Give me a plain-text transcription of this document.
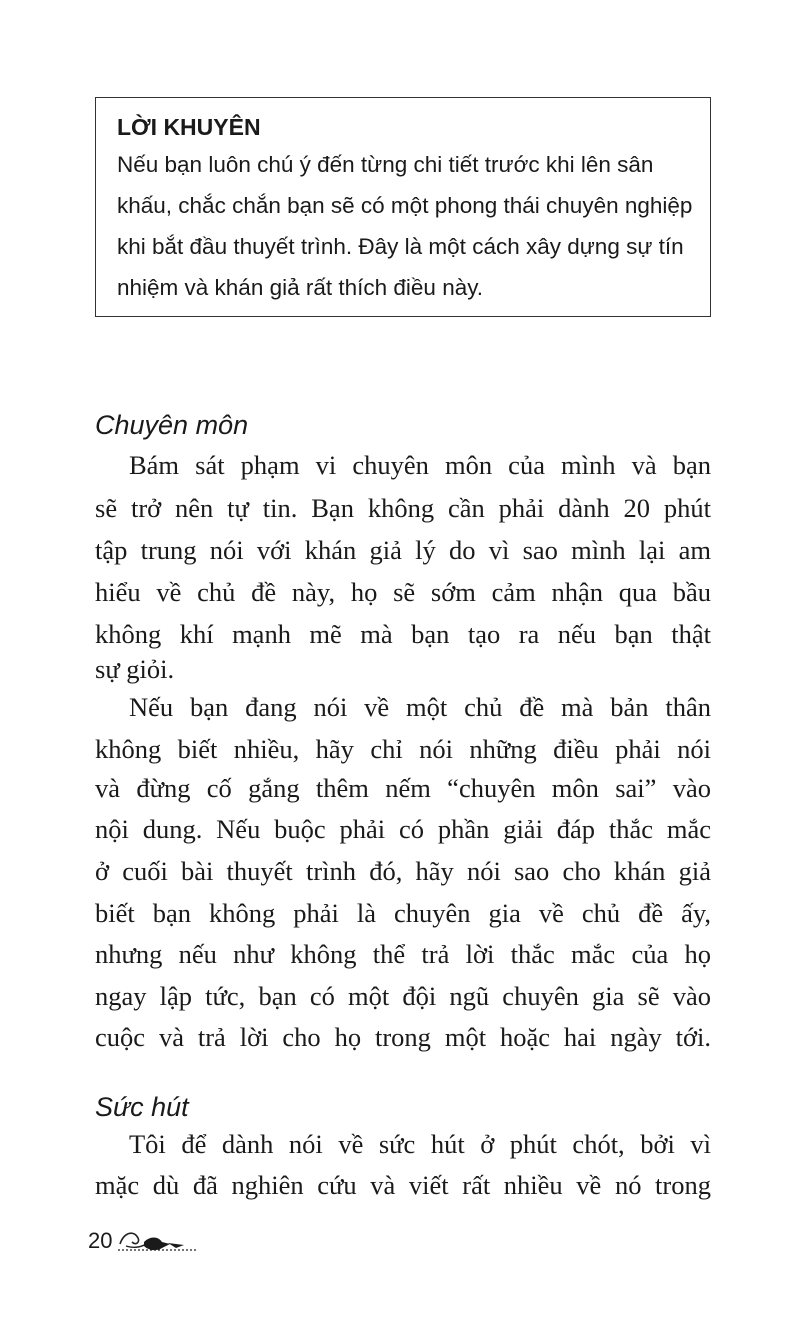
LỜI KHUYÊN
Nếu bạn luôn chú ý đến từng chi tiết trước khi lên sân
khấu, chắc chắn bạn sẽ có một phong thái chuyên nghiệp
khi bắt đầu thuyết trình. Đây là một cách xây dựng sự tín
nhiệm và khán giả rất thích điều này.
Chuyên môn
Bám sát phạm vi chuyên môn của mình và bạn
sẽ trở nên tự tin. Bạn không cần phải dành 20 phút
tập trung nói với khán giả lý do vì sao mình lại am
hiểu về chủ đề này, họ sẽ sớm cảm nhận qua bầu
không khí mạnh mẽ mà bạn tạo ra nếu bạn thật
sự giỏi.
Nếu bạn đang nói về một chủ đề mà bản thân
không biết nhiều, hãy chỉ nói những điều phải nói
và đừng cố gắng thêm nếm “chuyên môn sai” vào
nội dung. Nếu buộc phải có phần giải đáp thắc mắc
ở cuối bài thuyết trình đó, hãy nói sao cho khán giả
biết bạn không phải là chuyên gia về chủ đề ấy,
nhưng nếu như không thể trả lời thắc mắc của họ
ngay lập tức, bạn có một đội ngũ chuyên gia sẽ vào
cuộc và trả lời cho họ trong một hoặc hai ngày tới.
Sức hút
Tôi để dành nói về sức hút ở phút chót, bởi vì
mặc dù đã nghiên cứu và viết rất nhiều về nó trong
20
